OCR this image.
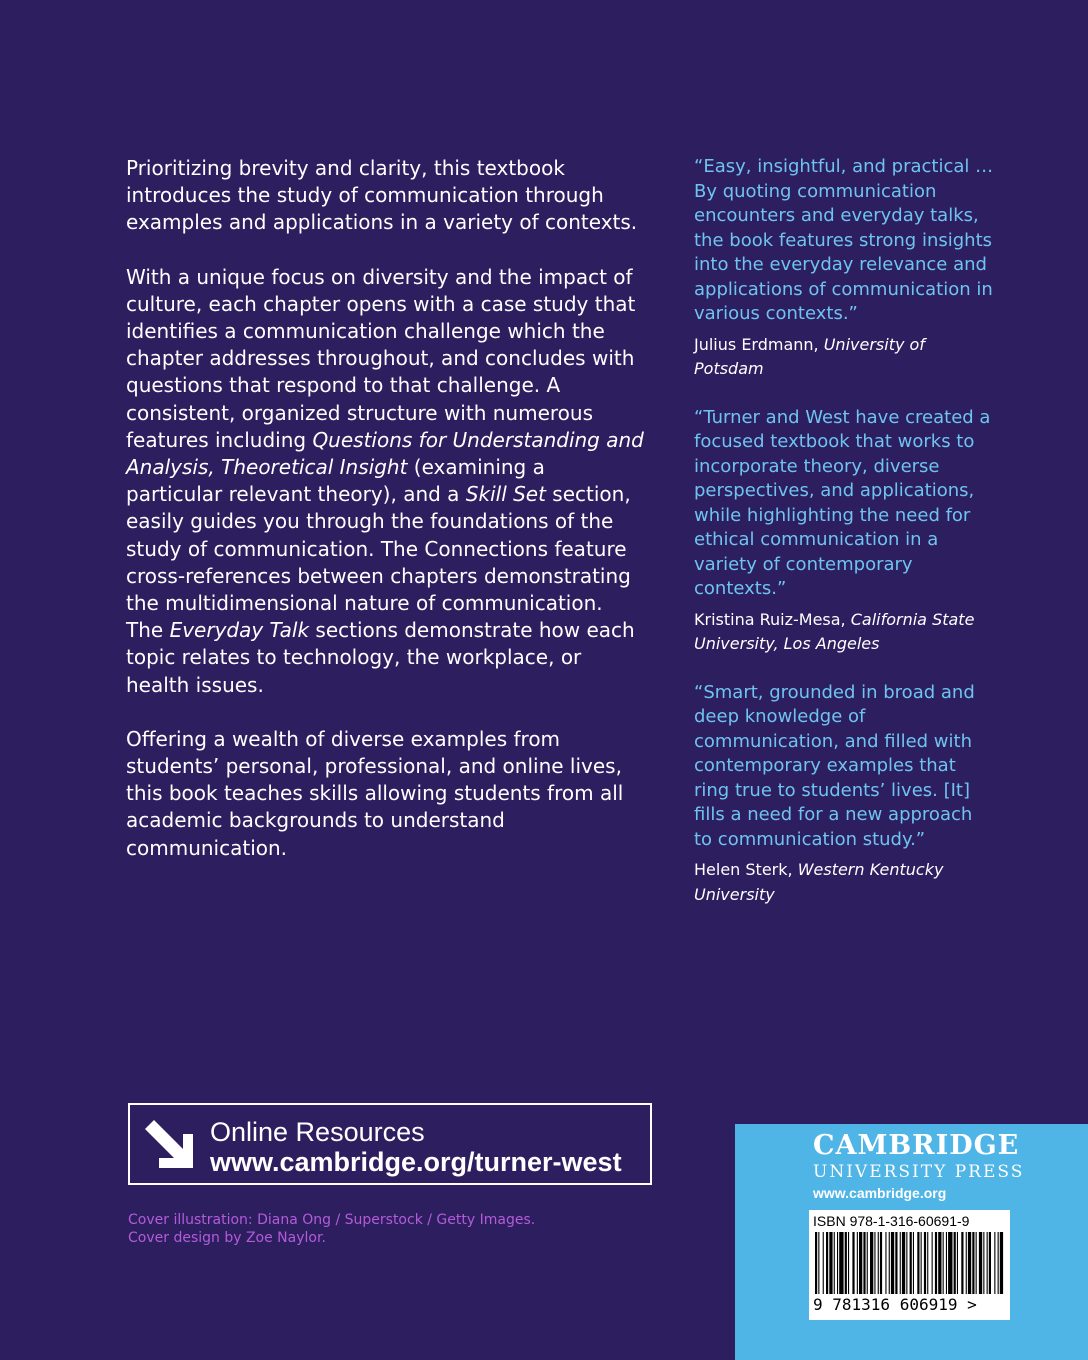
Prioritizing brevity and clarity, this textbook introduces the study of communication through examples and applications in a variety of contexts.

With a unique focus on diversity and the impact of culture, each chapter opens with a case study that identifies a communication challenge which the chapter addresses throughout, and concludes with questions that respond to that challenge. A consistent, organized structure with numerous features including Questions for Understanding and Analysis, Theoretical Insight (examining a particular relevant theory), and a Skill Set section, easily guides you through the foundations of the study of communication. The Connections feature cross-references between chapters demonstrating the multidimensional nature of communication. The Everyday Talk sections demonstrate how each topic relates to technology, the workplace, or health issues.

Offering a wealth of diverse examples from students’ personal, professional, and online lives, this book teaches skills allowing students from all academic backgrounds to understand communication.

“Easy, insightful, and practical … By quoting communication encounters and everyday talks, the book features strong insights into the everyday relevance and applications of communication in various contexts.”

Julius Erdmann, University of Potsdam

“Turner and West have created a focused textbook that works to incorporate theory, diverse perspectives, and applications, while highlighting the need for ethical communication in a variety of contemporary contexts.”

Kristina Ruiz-Mesa, California State University, Los Angeles

“Smart, grounded in broad and deep knowledge of communication, and filled with contemporary examples that ring true to students’ lives. [It] fills a need for a new approach to communication study.”

Helen Sterk, Western Kentucky University
Online Resources
www.cambridge.org/turner-west
Cover illustration: Diana Ong / Superstock / Getty Images.
Cover design by Zoe Naylor.
CAMBRIDGE
UNIVERSITY PRESS
www.cambridge.org
ISBN 978-1-316-60691-9
9 781316 606919 >
